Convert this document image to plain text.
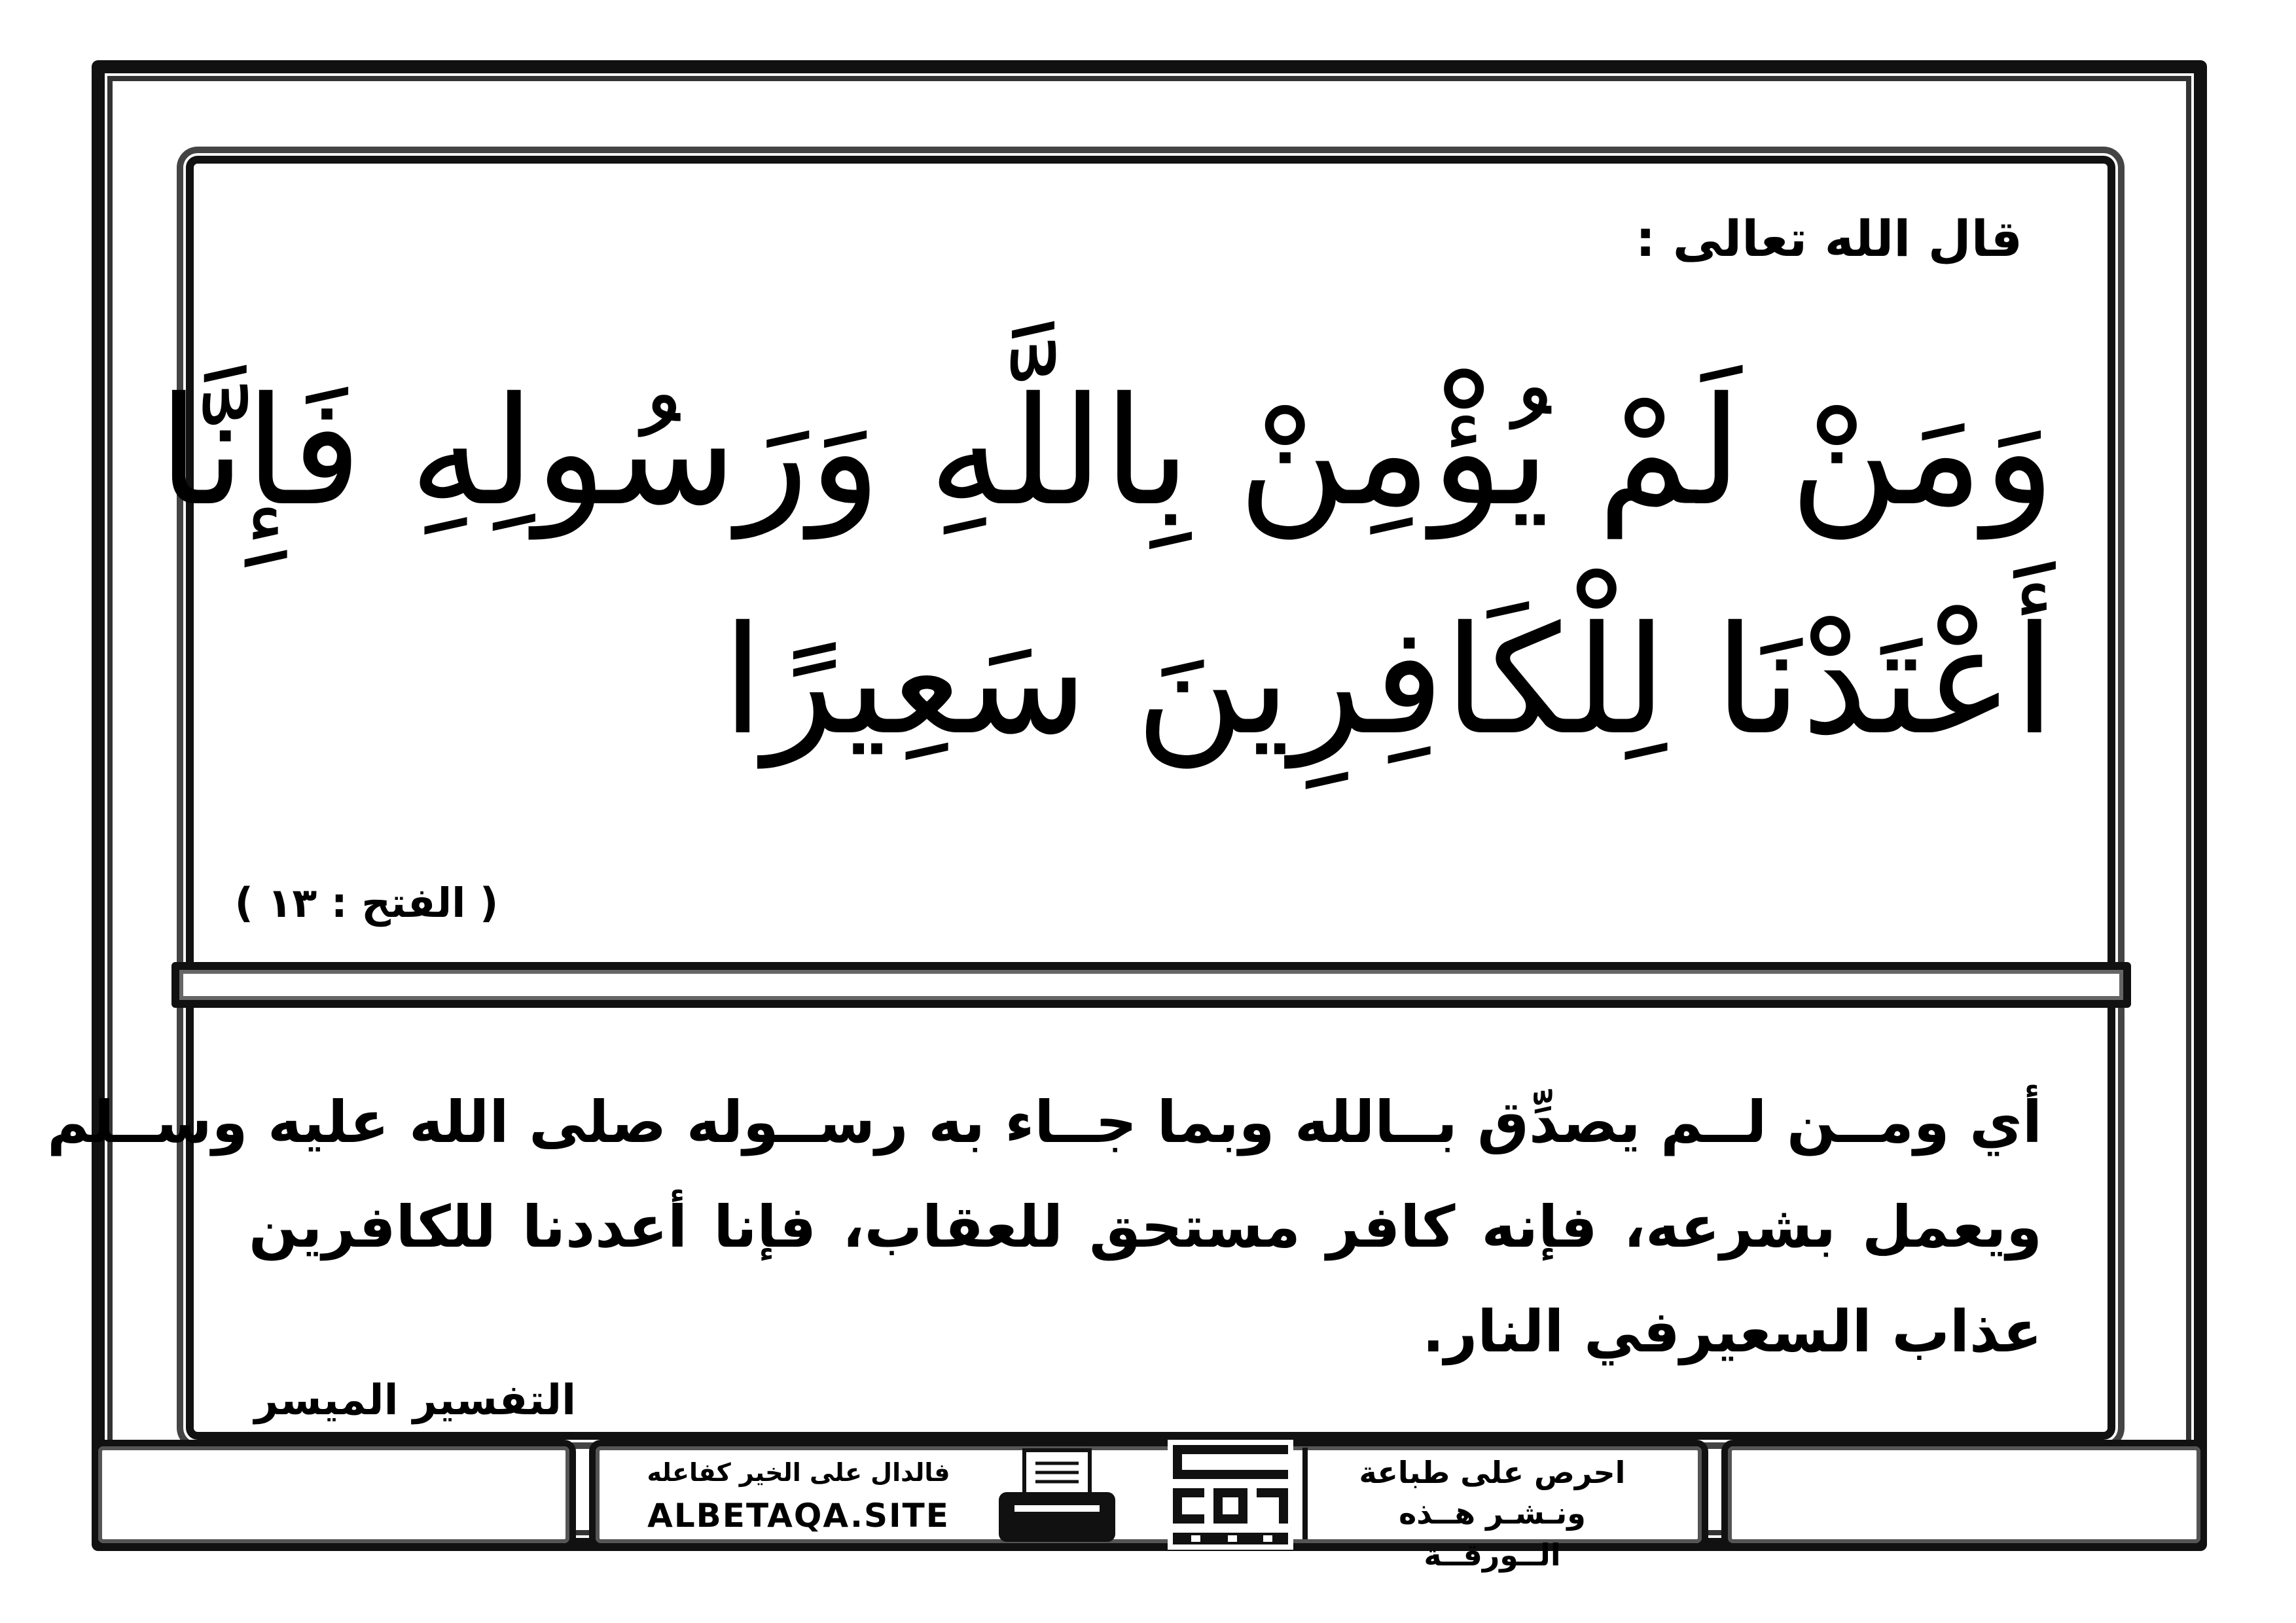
قال الله تعالى :
وَمَنْ لَمْ يُؤْمِنْ بِاللَّهِ وَرَسُولِهِ فَإِنَّا
أَعْتَدْنَا لِلْكَافِرِينَ سَعِيرًا
( الفتح : ١٣ )
أي ومــن لــم يصدِّق بــالله وبما جــاء به رســوله صلى الله عليه وســلم
ويعمل بشرعه، فإنه كافر مستحق للعقاب، فإنا أعددنا للكافرين
عذاب السعيرفي النار.
التفسير الميسر
فالدال على الخير كفاعله
ALBETAQA.SITE
احرص على طباعة
ونـشـر هــذه الــورقــة
